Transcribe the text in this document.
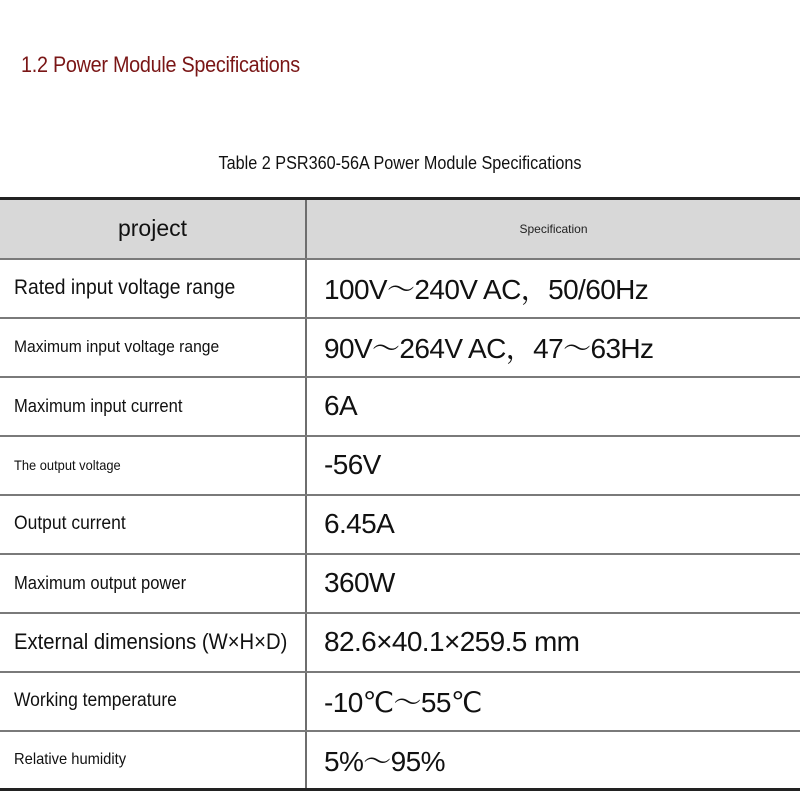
1.2 Power Module Specifications
Table 2 PSR360-56A Power Module Specifications
project	Specification
Rated input voltage range	100V～240V AC，50/60Hz
Maximum input voltage range	90V～264V AC，47～63Hz
Maximum input current	6A
The output voltage	-56V
Output current	6.45A
Maximum output power	360W
External dimensions (W×H×D)	82.6×40.1×259.5 mm
Working temperature	-10℃～55℃
Relative humidity	5%～95%
